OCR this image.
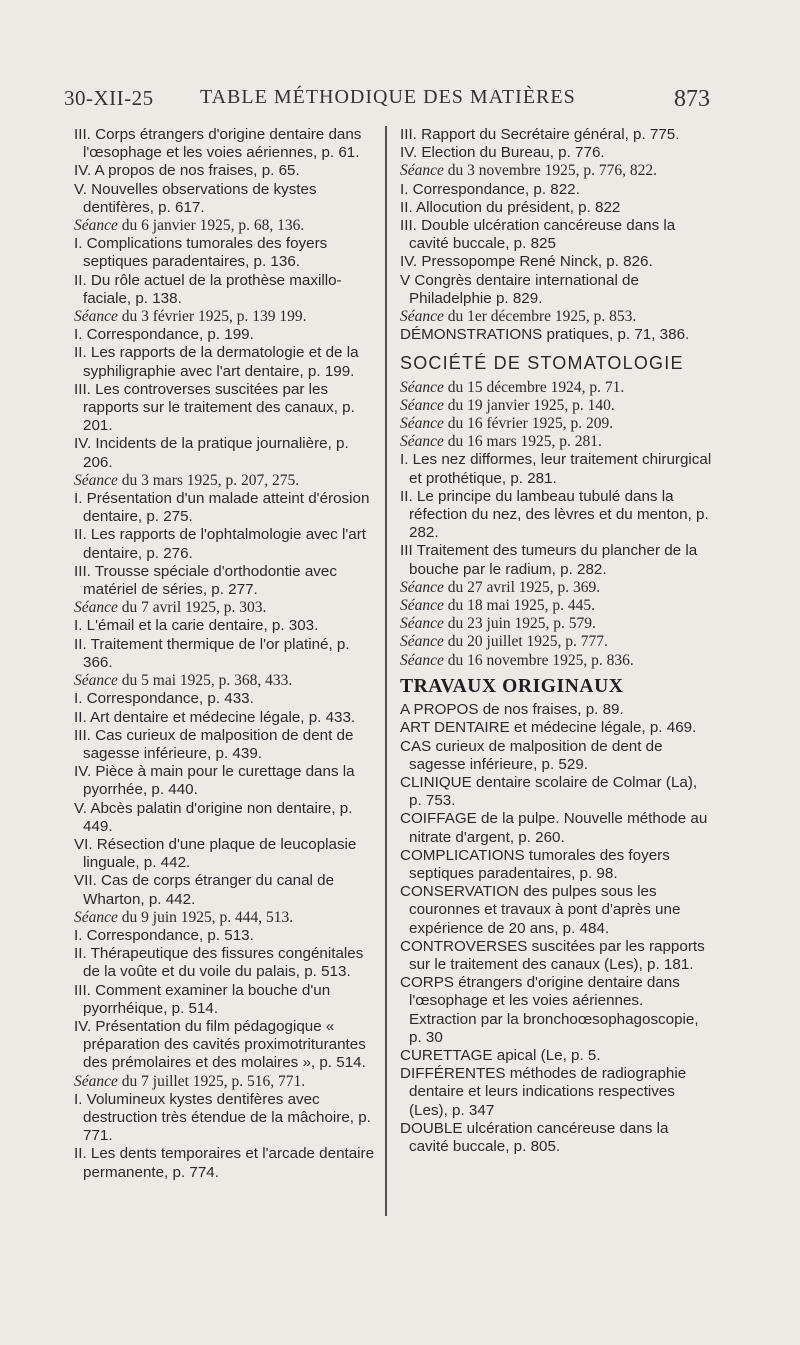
30-XII-25 TABLE MÉTHODIQUE DES MATIÈRES	873
III. Corps étrangers d'origine dentaire dans l'œsophage et les voies aériennes, p. 61.
IV. A propos de nos fraises, p. 65.
V. Nouvelles observations de kystes dentifères, p. 617.
Séance du 6 janvier 1925, p. 68, 136.
I. Complications tumorales des foyers septiques paradentaires, p. 136.
II. Du rôle actuel de la prothèse maxillo-faciale, p. 138.
Séance du 3 février 1925, p. 139 199.
I. Correspondance, p. 199.
II. Les rapports de la dermatologie et de la syphiligraphie avec l'art dentaire, p. 199.
III. Les controverses suscitées par les rapports sur le traitement des canaux, p. 201.
IV. Incidents de la pratique journalière, p. 206.
Séance du 3 mars 1925, p. 207, 275.
I. Présentation d'un malade atteint d'érosion dentaire, p. 275.
II. Les rapports de l'ophtalmologie avec l'art dentaire, p. 276.
III. Trousse spéciale d'orthodontie avec matériel de séries, p. 277.
Séance du 7 avril 1925, p. 303.
I. L'émail et la carie dentaire, p. 303.
II. Traitement thermique de l'or platiné, p. 366.
Séance du 5 mai 1925, p. 368, 433.
I. Correspondance, p. 433.
II. Art dentaire et médecine légale, p. 433.
III. Cas curieux de malposition de dent de sagesse inférieure, p. 439.
IV. Pièce à main pour le curettage dans la pyorrhée, p. 440.
V. Abcès palatin d'origine non dentaire, p. 449.
VI. Résection d'une plaque de leucoplasie linguale, p. 442.
VII. Cas de corps étranger du canal de Wharton, p. 442.
Séance du 9 juin 1925, p. 444, 513.
I. Correspondance, p. 513.
II. Thérapeutique des fissures congénitales de la voûte et du voile du palais, p. 513.
III. Comment examiner la bouche d'un pyorrhéique, p. 514.
IV. Présentation du film pédagogique « préparation des cavités proximotriturantes des prémolaires et des molaires », p. 514.
Séance du 7 juillet 1925, p. 516, 771.
I. Volumineux kystes dentifères avec destruction très étendue de la mâchoire, p. 771.
II. Les dents temporaires et l'arcade dentaire permanente, p. 774.
III. Rapport du Secrétaire général, p. 775.
IV. Election du Bureau, p. 776.
Séance du 3 novembre 1925, p. 776, 822.
I. Correspondance, p. 822.
II. Allocution du président, p. 822
III. Double ulcération cancéreuse dans la cavité buccale, p. 825
IV. Pressopompe René Ninck, p. 826.
V Congrès dentaire international de Philadelphie p. 829.
Séance du 1er décembre 1925, p. 853.
DÉMONSTRATIONS pratiques, p. 71, 386.
SOCIÉTÉ DE STOMATOLOGIE
Séance du 15 décembre 1924, p. 71.
Séance du 19 janvier 1925, p. 140.
Séance du 16 février 1925, p. 209.
Séance du 16 mars 1925, p. 281.
I. Les nez difformes, leur traitement chirurgical et prothétique, p. 281.
II. Le principe du lambeau tubulé dans la réfection du nez, des lèvres et du menton, p. 282.
III Traitement des tumeurs du plancher de la bouche par le radium, p. 282.
Séance du 27 avril 1925, p. 369.
Séance du 18 mai 1925, p. 445.
Séance du 23 juin 1925, p. 579.
Séance du 20 juillet 1925, p. 777.
Séance du 16 novembre 1925, p. 836.
TRAVAUX ORIGINAUX
A PROPOS de nos fraises, p. 89.
ART DENTAIRE et médecine légale, p. 469.
CAS curieux de malposition de dent de sagesse inférieure, p. 529.
CLINIQUE dentaire scolaire de Colmar (La), p. 753.
COIFFAGE de la pulpe. Nouvelle méthode au nitrate d'argent, p. 260.
COMPLICATIONS tumorales des foyers septiques paradentaires, p. 98.
CONSERVATION des pulpes sous les couronnes et travaux à pont d'après une expérience de 20 ans, p. 484.
CONTROVERSES suscitées par les rapports sur le traitement des canaux (Les), p. 181.
CORPS étrangers d'origine dentaire dans l'œsophage et les voies aériennes. Extraction par la bronchoœsophagoscopie, p. 30
CURETTAGE apical (Le, p. 5.
DIFFÉRENTES méthodes de radiographie dentaire et leurs indications respectives (Les), p. 347
DOUBLE ulcération cancéreuse dans la cavité buccale, p. 805.
